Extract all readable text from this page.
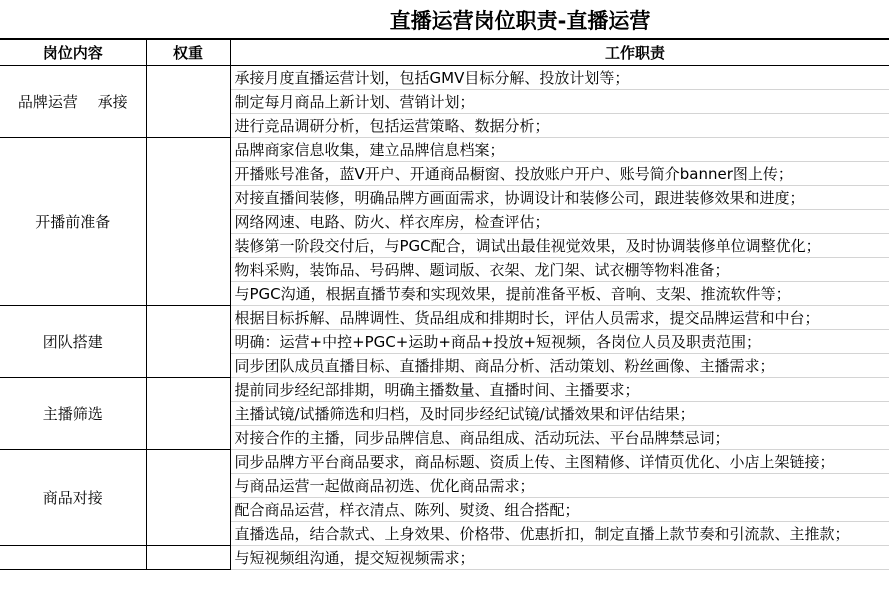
直播运营岗位职责-直播运营
岗位内容	权重	工作职责
品牌运营　 承接		承接月度直播运营计划，包括GMV目标分解、投放计划等；
		制定每月商品上新计划、营销计划；
		进行竞品调研分析，包括运营策略、数据分析；
开播前准备		品牌商家信息收集，建立品牌信息档案；
		开播账号准备，蓝V开户、开通商品橱窗、投放账户开户、账号简介banner图上传；
		对接直播间装修，明确品牌方画面需求，协调设计和装修公司，跟进装修效果和进度；
		网络网速、电路、防火、样衣库房，检查评估；
		装修第一阶段交付后，与PGC配合，调试出最佳视觉效果，及时协调装修单位调整优化；
		物料采购，装饰品、号码牌、题词版、衣架、龙门架、试衣棚等物料准备；
		与PGC沟通，根据直播节奏和实现效果，提前准备平板、音响、支架、推流软件等；
团队搭建		根据目标拆解、品牌调性、货品组成和排期时长，评估人员需求，提交品牌运营和中台；
		明确：运营+中控+PGC+运助+商品+投放+短视频，各岗位人员及职责范围；
		同步团队成员直播目标、直播排期、商品分析、活动策划、粉丝画像、主播需求；
主播筛选		提前同步经纪部排期，明确主播数量、直播时间、主播要求；
		主播试镜/试播筛选和归档，及时同步经纪试镜/试播效果和评估结果；
		对接合作的主播，同步品牌信息、商品组成、活动玩法、平台品牌禁忌词；
商品对接		同步品牌方平台商品要求，商品标题、资质上传、主图精修、详情页优化、小店上架链接；
		与商品运营一起做商品初选、优化商品需求；
		配合商品运营，样衣清点、陈列、熨烫、组合搭配；
		直播选品，结合款式、上身效果、价格带、优惠折扣，制定直播上款节奏和引流款、主推款；
		与短视频组沟通，提交短视频需求；
